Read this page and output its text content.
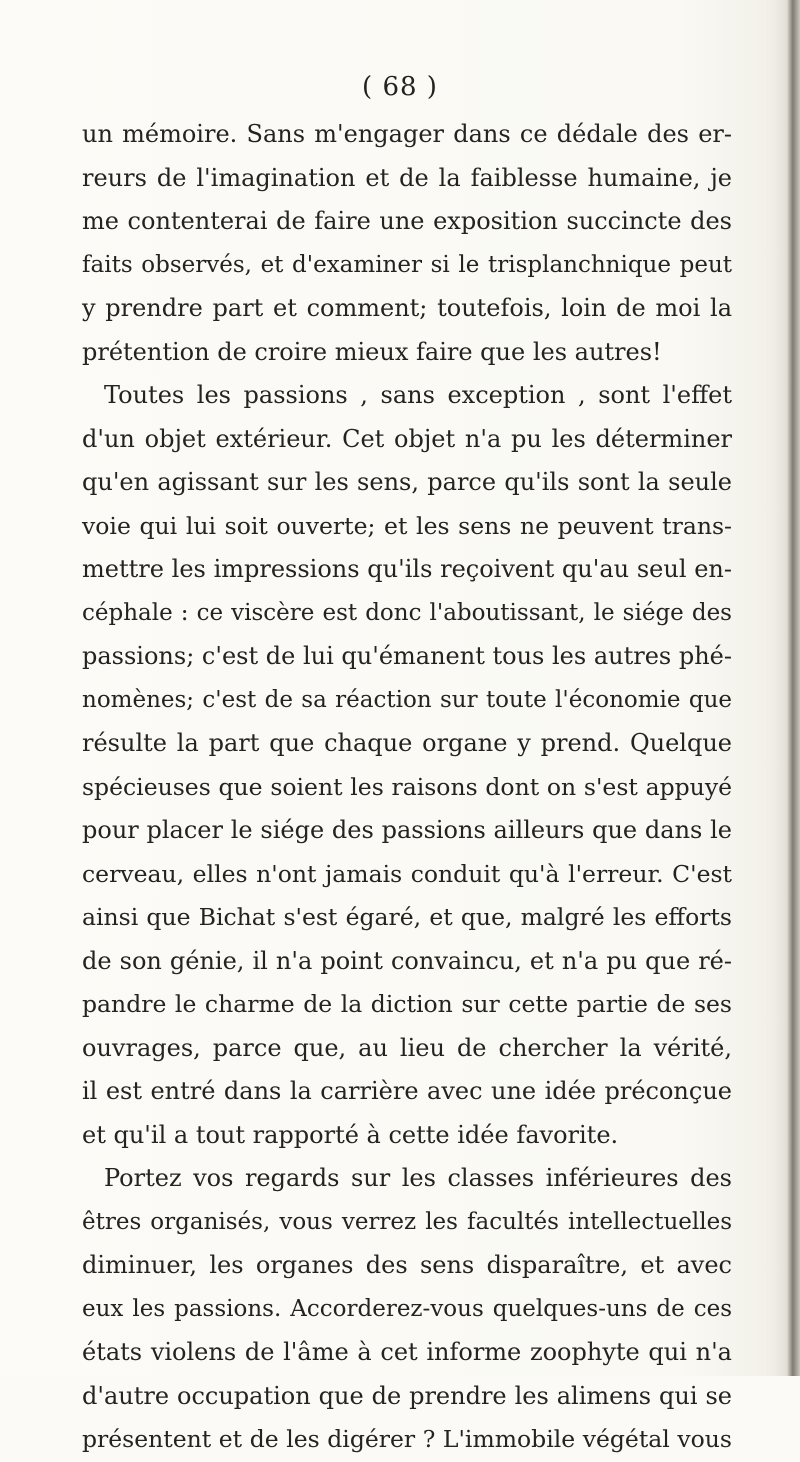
( 68 )
un mémoire. Sans m'engager dans ce dédale des er-
reurs de l'imagination et de la faiblesse humaine, je
me contenterai de faire une exposition succincte des
faits observés, et d'examiner si le trisplanchnique peut
y prendre part et comment; toutefois, loin de moi la
prétention de croire mieux faire que les autres!
Toutes les passions , sans exception , sont l'effet
d'un objet extérieur. Cet objet n'a pu les déterminer
qu'en agissant sur les sens, parce qu'ils sont la seule
voie qui lui soit ouverte; et les sens ne peuvent trans-
mettre les impressions qu'ils reçoivent qu'au seul en-
céphale : ce viscère est donc l'aboutissant, le siége des
passions; c'est de lui qu'émanent tous les autres phé-
nomènes; c'est de sa réaction sur toute l'économie que
résulte la part que chaque organe y prend. Quelque
spécieuses que soient les raisons dont on s'est appuyé
pour placer le siége des passions ailleurs que dans le
cerveau, elles n'ont jamais conduit qu'à l'erreur. C'est
ainsi que Bichat s'est égaré, et que, malgré les efforts
de son génie, il n'a point convaincu, et n'a pu que ré-
pandre le charme de la diction sur cette partie de ses
ouvrages, parce que, au lieu de chercher la vérité,
il est entré dans la carrière avec une idée préconçue
et qu'il a tout rapporté à cette idée favorite.
Portez vos regards sur les classes inférieures des
êtres organisés, vous verrez les facultés intellectuelles
diminuer, les organes des sens disparaître, et avec
eux les passions. Accorderez-vous quelques-uns de ces
états violens de l'âme à cet informe zoophyte qui n'a
d'autre occupation que de prendre les alimens qui se
présentent et de les digérer ? L'immobile végétal vous
